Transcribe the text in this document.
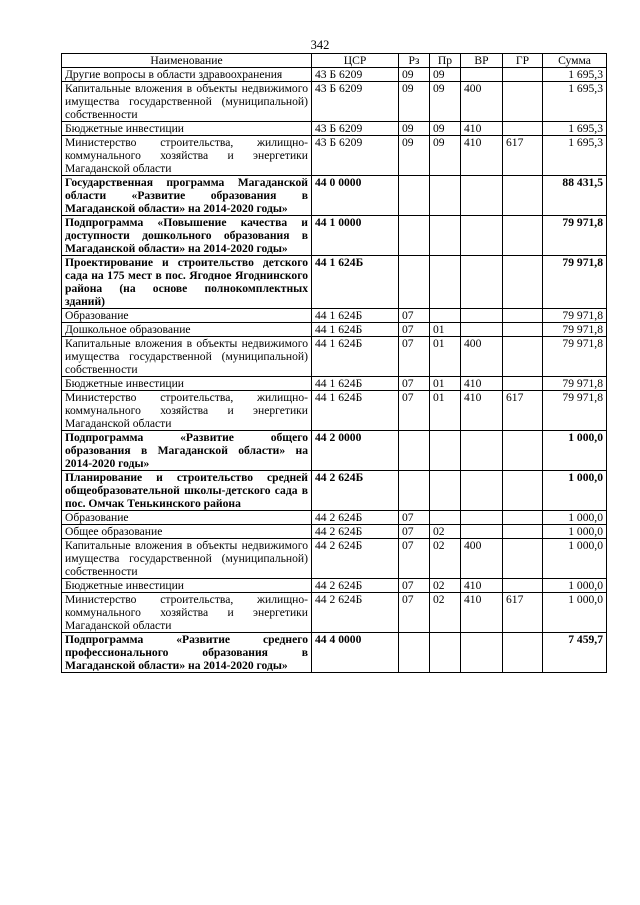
342
Наименование	ЦСР	Рз	Пр	ВР	ГР	Сумма
Другие вопросы в области здравоохранения	43 Б 6209	09	09			1 695,3
Капитальные вложения в объекты недвижимого имущества государственной (муниципальной) собственности	43 Б 6209	09	09	400		1 695,3
Бюджетные инвестиции	43 Б 6209	09	09	410		1 695,3
Министерство строительства, жилищно-коммунального хозяйства и энергетики Магаданской области	43 Б 6209	09	09	410	617	1 695,3
Государственная программа Магаданской области «Развитие образования в Магаданской области» на 2014-2020 годы»	44 0 0000					88 431,5
Подпрограмма «Повышение качества и доступности дошкольного образования в Магаданской области» на 2014-2020 годы»	44 1 0000					79 971,8
Проектирование и строительство детского сада на 175 мест в пос. Ягодное Ягоднинского района (на основе полнокомплектных зданий)	44 1 624Б					79 971,8
Образование	44 1 624Б	07				79 971,8
Дошкольное образование	44 1 624Б	07	01			79 971,8
Капитальные вложения в объекты недвижимого имущества государственной (муниципальной) собственности	44 1 624Б	07	01	400		79 971,8
Бюджетные инвестиции	44 1 624Б	07	01	410		79 971,8
Министерство строительства, жилищно-коммунального хозяйства и энергетики Магаданской области	44 1 624Б	07	01	410	617	79 971,8
Подпрограмма «Развитие общего образования в Магаданской области» на 2014-2020 годы»	44 2 0000					1 000,0
Планирование и строительство средней общеобразовательной школы-детского сада в пос. Омчак Тенькинского района	44 2 624Б					1 000,0
Образование	44 2 624Б	07				1 000,0
Общее образование	44 2 624Б	07	02			1 000,0
Капитальные вложения в объекты недвижимого имущества государственной (муниципальной) собственности	44 2 624Б	07	02	400		1 000,0
Бюджетные инвестиции	44 2 624Б	07	02	410		1 000,0
Министерство строительства, жилищно-коммунального хозяйства и энергетики Магаданской области	44 2 624Б	07	02	410	617	1 000,0
Подпрограмма «Развитие среднего профессионального образования в Магаданской области» на 2014-2020 годы»	44 4 0000					7 459,7
